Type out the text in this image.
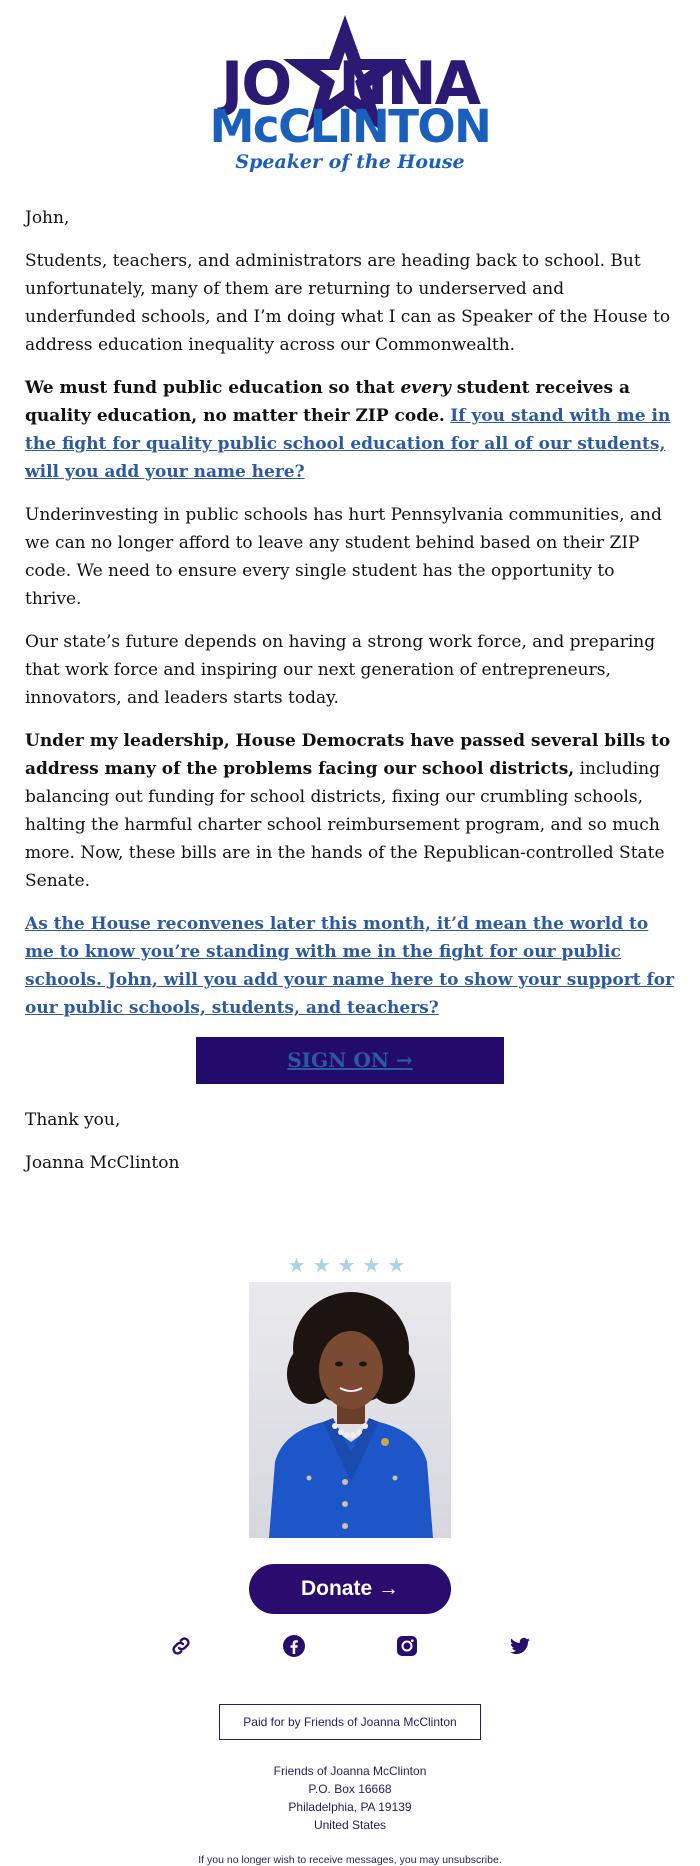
JO NNA
McCLINTON
Speaker of the House

John,

Students, teachers, and administrators are heading back to school. But unfortunately, many of them are returning to underserved and underfunded schools, and I’m doing what I can as Speaker of the House to address education inequality across our Commonwealth.

We must fund public education so that every student receives a quality education, no matter their ZIP code. If you stand with me in the fight for quality public school education for all of our students, will you add your name here?

Underinvesting in public schools has hurt Pennsylvania communities, and we can no longer afford to leave any student behind based on their ZIP code. We need to ensure every single student has the opportunity to thrive.

Our state’s future depends on having a strong work force, and preparing that work force and inspiring our next generation of entrepreneurs, innovators, and leaders starts today.

Under my leadership, House Democrats have passed several bills to address many of the problems facing our school districts, including balancing out funding for school districts, fixing our crumbling schools, halting the harmful charter school reimbursement program, and so much more. Now, these bills are in the hands of the Republican-controlled State Senate.

As the House reconvenes later this month, it’d mean the world to me to know you’re standing with me in the fight for our public schools. John, will you add your name here to show your support for our public schools, students, and teachers?

SIGN ON →

Thank you,

Joanna McClinton

★★★★★
Donate →
Paid for by Friends of Joanna McClinton
Friends of Joanna McClinton
P.O. Box 16668
Philadelphia, PA 19139
United States
If you no longer wish to receive messages, you may unsubscribe.
